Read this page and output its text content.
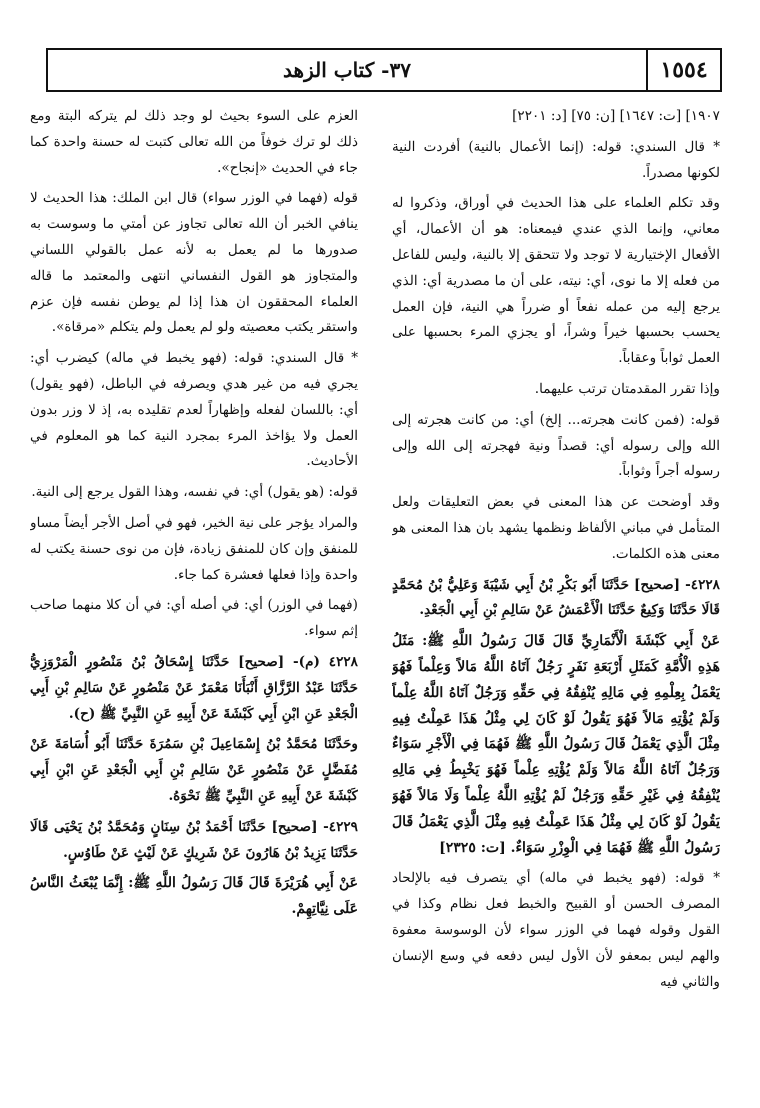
١٥٥٤
٣٧- كتاب الزهد

١٩٠٧] [ت: ١٦٤٧] [ن: ٧٥] [د: ٢٢٠١]

* قال السندي: قوله: (إنما الأعمال بالنية) أفردت النية لكونها مصدراً.

وقد تكلم العلماء على هذا الحديث في أوراق، وذكروا له معاني، وإنما الذي عندي فيمعناه: هو أن الأعمال، أي الأفعال الإختيارية لا توجد ولا تتحقق إلا بالنية، وليس للفاعل من فعله إلا ما نوى، أي: نيته، على أن ما مصدرية أي: الذي يرجع إليه من عمله نفعاً أو ضرراً هي النية، فإن العمل يحسب بحسبها خيراً وشراً، أو يجزي المرء بحسبها على العمل ثواباً وعقاباً.

وإذا تقرر المقدمتان ترتب عليهما.

قوله: (فمن كانت هجرته... إلخ) أي: من كانت هجرته إلى الله وإلى رسوله أي: قصداً ونية فهجرته إلى الله وإلى رسوله أجراً وثواباً.

وقد أوضحت عن هذا المعنى في بعض التعليقات ولعل المتأمل في مباني الألفاظ ونظمها يشهد بان هذا المعنى هو معنى هذه الكلمات.

٤٢٢٨- [صحيح] حَدَّثَنَا أَبُو بَكْرِ بْنُ أَبِي شَيْبَةَ وَعَلِيُّ بْنُ مُحَمَّدٍ قَالَا حَدَّثَنَا وَكِيعٌ حَدَّثَنَا الْأَعْمَشُ عَنْ سَالِمِ بْنِ أَبِي الْجَعْدِ.

عَنْ أَبِي كَبْشَةَ الْأَنْمَارِيِّ قَالَ قَالَ رَسُولُ اللَّهِ ﷺ: مَثَلُ هَذِهِ الْأُمَّةِ كَمَثَلِ أَرْبَعَةِ نَفَرٍ رَجُلٌ آتَاهُ اللَّهُ مَالاً وَعِلْماً فَهُوَ يَعْمَلُ بِعِلْمِهِ فِي مَالِهِ يُنْفِقُهُ فِي حَقِّهِ وَرَجُلٌ آتَاهُ اللَّهُ عِلْماً وَلَمْ يُؤْتِهِ مَالاً فَهُوَ يَقُولُ لَوْ كَانَ لِي مِثْلُ هَذَا عَمِلْتُ فِيهِ مِثْلَ الَّذِي يَعْمَلُ قَالَ رَسُولُ اللَّهِ ﷺ فَهُمَا فِي الْأَجْرِ سَوَاءٌ وَرَجُلٌ آتَاهُ اللَّهُ مَالاً وَلَمْ يُؤْتِهِ عِلْماً فَهُوَ يَخْبِطُ فِي مَالِهِ يُنْفِقُهُ فِي غَيْرِ حَقِّهِ وَرَجُلٌ لَمْ يُؤْتِهِ اللَّهُ عِلْماً وَلَا مَالاً فَهُوَ يَقُولُ لَوْ كَانَ لِي مِثْلُ هَذَا عَمِلْتُ فِيهِ مِثْلَ الَّذِي يَعْمَلُ قَالَ رَسُولُ اللَّهِ ﷺ فَهُمَا فِي الْوِزْرِ سَوَاءٌ. [ت: ٢٣٢٥]

* قوله: (فهو يخبط في ماله) أي يتصرف فيه بالإلحاد المصرف الحسن أو القبيح والخبط فعل نظام وكذا في القول وقوله فهما في الوزر سواء لأن الوسوسة معفوة والهم ليس بمعفو لأن الأول ليس دفعه في وسع الإنسان والثاني فيه

العزم على السوء بحيث لو وجد ذلك لم يتركه البتة ومع ذلك لو ترك خوفاً من الله تعالى كتبت له حسنة واحدة كما جاء في الحديث «إنجاح».

قوله (فهما في الوزر سواء) قال ابن الملك: هذا الحديث لا ينافي الخبر أن الله تعالى تجاوز عن أمتي ما وسوست به صدورها ما لم يعمل به لأنه عمل بالقولي اللساني والمتجاوز هو القول النفساني انتهى والمعتمد ما قاله العلماء المحققون ان هذا إذا لم يوطن نفسه فإن عزم واستقر يكتب معصيته ولو لم يعمل ولم يتكلم «مرقاة».

* قال السندي: قوله: (فهو يخبط في ماله) كيضرب أي: يجري فيه من غير هدي ويصرفه في الباطل، (فهو يقول) أي: باللسان لفعله وإظهاراً لعدم تقليده به، إذ لا وزر بدون العمل ولا يؤاخذ المرء بمجرد النية كما هو المعلوم في الأحاديث.

قوله: (هو يقول) أي: في نفسه، وهذا القول يرجع إلى النية.

والمراد يؤجر على نية الخير، فهو في أصل الأجر أيضاً مساو للمنفق وإن كان للمنفق زيادة، فإن من نوى حسنة يكتب له واحدة وإذا فعلها فعشرة كما جاء.

(فهما في الوزر) أي: في أصله أي: في أن كلا منهما صاحب إثم سواء.

٤٢٢٨ (م)- [صحيح] حَدَّثَنَا إِسْحَاقُ بْنُ مَنْصُورٍ الْمَرْوَزِيُّ حَدَّثَنَا عَبْدُ الرَّزَّاقِ أَنْبَأَنَا مَعْمَرٌ عَنْ مَنْصُورٍ عَنْ سَالِمِ بْنِ أَبِي الْجَعْدِ عَنِ ابْنِ أَبِي كَبْشَةَ عَنْ أَبِيهِ عَنِ النَّبِيِّ ﷺ (ح).

وحَدَّثَنَا مُحَمَّدُ بْنُ إِسْمَاعِيلَ بْنِ سَمُرَةَ حَدَّثَنَا أَبُو أُسَامَةَ عَنْ مُفَضَّلٍ عَنْ مَنْصُورٍ عَنْ سَالِمِ بْنِ أَبِي الْجَعْدِ عَنِ ابْنِ أَبِي كَبْشَةَ عَنْ أَبِيهِ عَنِ النَّبِيِّ ﷺ نَحْوَهُ.

٤٢٢٩- [صحيح] حَدَّثَنَا أَحْمَدُ بْنُ سِنَانٍ وَمُحَمَّدُ بْنُ يَحْيَى قَالَا حَدَّثَنَا يَزِيدُ بْنُ هَارُونَ عَنْ شَرِيكٍ عَنْ لَيْثٍ عَنْ طَاوُسٍ.

عَنْ أَبِي هُرَيْرَةَ قَالَ قَالَ رَسُولُ اللَّهِ ﷺ: إِنَّمَا يُبْعَثُ النَّاسُ عَلَى نِيَّاتِهِمْ.
